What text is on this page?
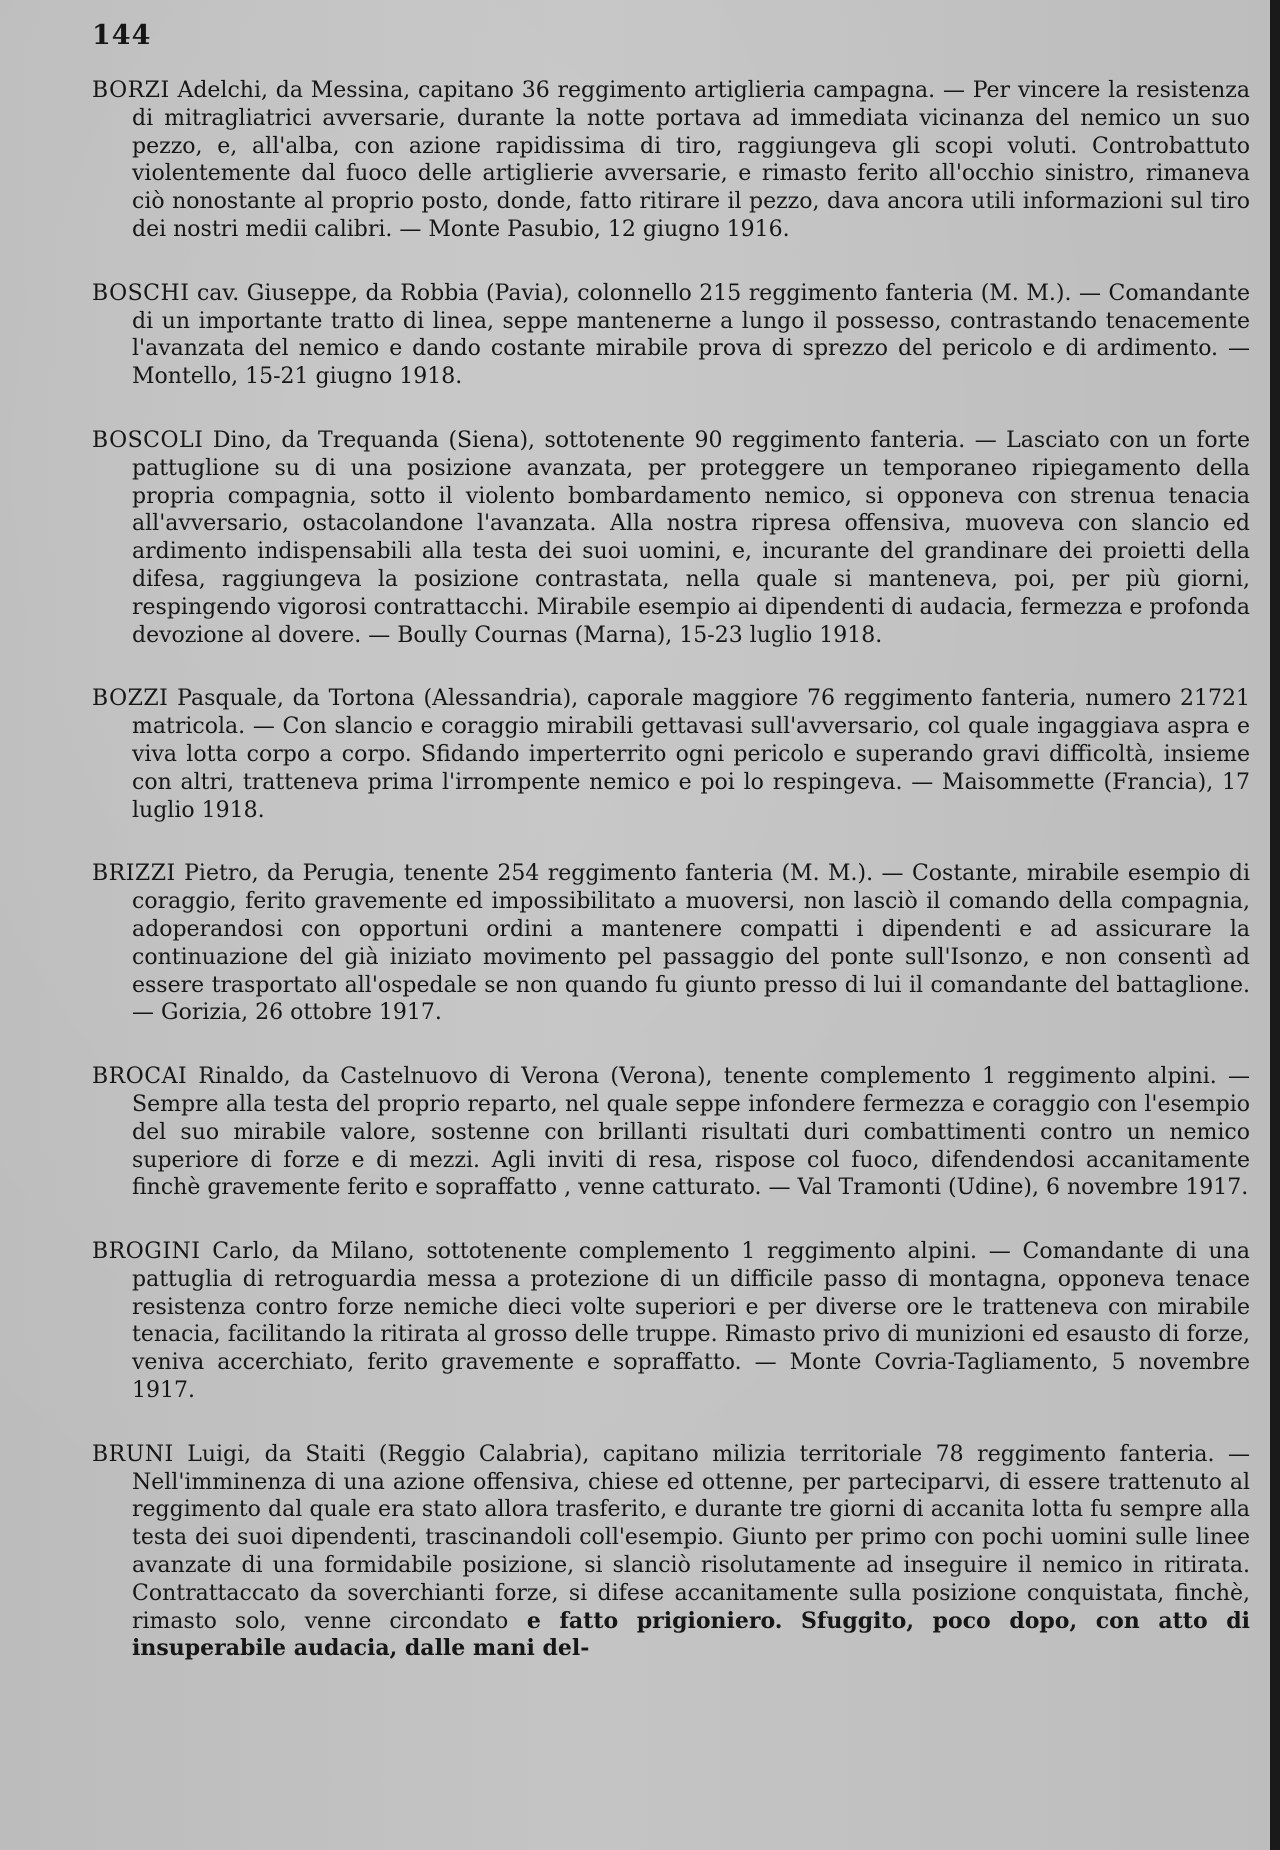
144

BORZI Adelchi, da Messina, capitano 36 reggimento artiglieria campagna. — Per vincere la resistenza di mitragliatrici avversarie, durante la notte portava ad immediata vicinanza del nemico un suo pezzo, e, all'alba, con azione rapidissima di tiro, raggiungeva gli scopi voluti. Controbattuto violentemente dal fuoco delle artiglierie avversarie, e rimasto ferito all'occhio sinistro, rimaneva ciò nonostante al proprio posto, donde, fatto ritirare il pezzo, dava ancora utili informazioni sul tiro dei nostri medii calibri. — Monte Pasubio, 12 giugno 1916.

BOSCHI cav. Giuseppe, da Robbia (Pavia), colonnello 215 reggimento fanteria (M. M.). — Comandante di un importante tratto di linea, seppe mantenerne a lungo il possesso, contrastando tenacemente l'avanzata del nemico e dando costante mirabile prova di sprezzo del pericolo e di ardimento. — Montello, 15-21 giugno 1918.

BOSCOLI Dino, da Trequanda (Siena), sottotenente 90 reggimento fanteria. — Lasciato con un forte pattuglione su di una posizione avanzata, per proteggere un temporaneo ripiegamento della propria compagnia, sotto il violento bombardamento nemico, si opponeva con strenua tenacia all'avversario, ostacolandone l'avanzata. Alla nostra ripresa offensiva, muoveva con slancio ed ardimento indispensabili alla testa dei suoi uomini, e, incurante del grandinare dei proietti della difesa, raggiungeva la posizione contrastata, nella quale si manteneva, poi, per più giorni, respingendo vigorosi contrattacchi. Mirabile esempio ai dipendenti di audacia, fermezza e profonda devozione al dovere. — Boully Cournas (Marna), 15-23 luglio 1918.

BOZZI Pasquale, da Tortona (Alessandria), caporale maggiore 76 reggimento fanteria, numero 21721 matricola. — Con slancio e coraggio mirabili gettavasi sull'avversario, col quale ingaggiava aspra e viva lotta corpo a corpo. Sfidando imperterrito ogni pericolo e superando gravi difficoltà, insieme con altri, tratteneva prima l'irrompente nemico e poi lo respingeva. — Maisommette (Francia), 17 luglio 1918.

BRIZZI Pietro, da Perugia, tenente 254 reggimento fanteria (M. M.). — Costante, mirabile esempio di coraggio, ferito gravemente ed impossibilitato a muoversi, non lasciò il comando della compagnia, adoperandosi con opportuni ordini a mantenere compatti i dipendenti e ad assicurare la continuazione del già iniziato movimento pel passaggio del ponte sull'Isonzo, e non consentì ad essere trasportato all'ospedale se non quando fu giunto presso di lui il comandante del battaglione. — Gorizia, 26 ottobre 1917.

BROCAI Rinaldo, da Castelnuovo di Verona (Verona), tenente complemento 1 reggimento alpini. — Sempre alla testa del proprio reparto, nel quale seppe infondere fermezza e coraggio con l'esempio del suo mirabile valore, sostenne con brillanti risultati duri combattimenti contro un nemico superiore di forze e di mezzi. Agli inviti di resa, rispose col fuoco, difendendosi accanitamente finchè gravemente ferito e sopraffatto , venne catturato. — Val Tramonti (Udine), 6 novembre 1917.

BROGINI Carlo, da Milano, sottotenente complemento 1 reggimento alpini. — Comandante di una pattuglia di retroguardia messa a protezione di un difficile passo di montagna, opponeva tenace resistenza contro forze nemiche dieci volte superiori e per diverse ore le tratteneva con mirabile tenacia, facilitando la ritirata al grosso delle truppe. Rimasto privo di munizioni ed esausto di forze, veniva accerchiato, ferito gravemente e sopraffatto. — Monte Covria-Tagliamento, 5 novembre 1917.

BRUNI Luigi, da Staiti (Reggio Calabria), capitano milizia territoriale 78 reggimento fanteria. — Nell'imminenza di una azione offensiva, chiese ed ottenne, per parteciparvi, di essere trattenuto al reggimento dal quale era stato allora trasferito, e durante tre giorni di accanita lotta fu sempre alla testa dei suoi dipendenti, trascinandoli coll'esempio. Giunto per primo con pochi uomini sulle linee avanzate di una formidabile posizione, si slanciò risolutamente ad inseguire il nemico in ritirata. Contrattaccato da soverchianti forze, si difese accanitamente sulla posizione conquistata, finchè, rimasto solo, venne circondato e fatto prigioniero. Sfuggito, poco dopo, con atto di insuperabile audacia, dalle mani del-
